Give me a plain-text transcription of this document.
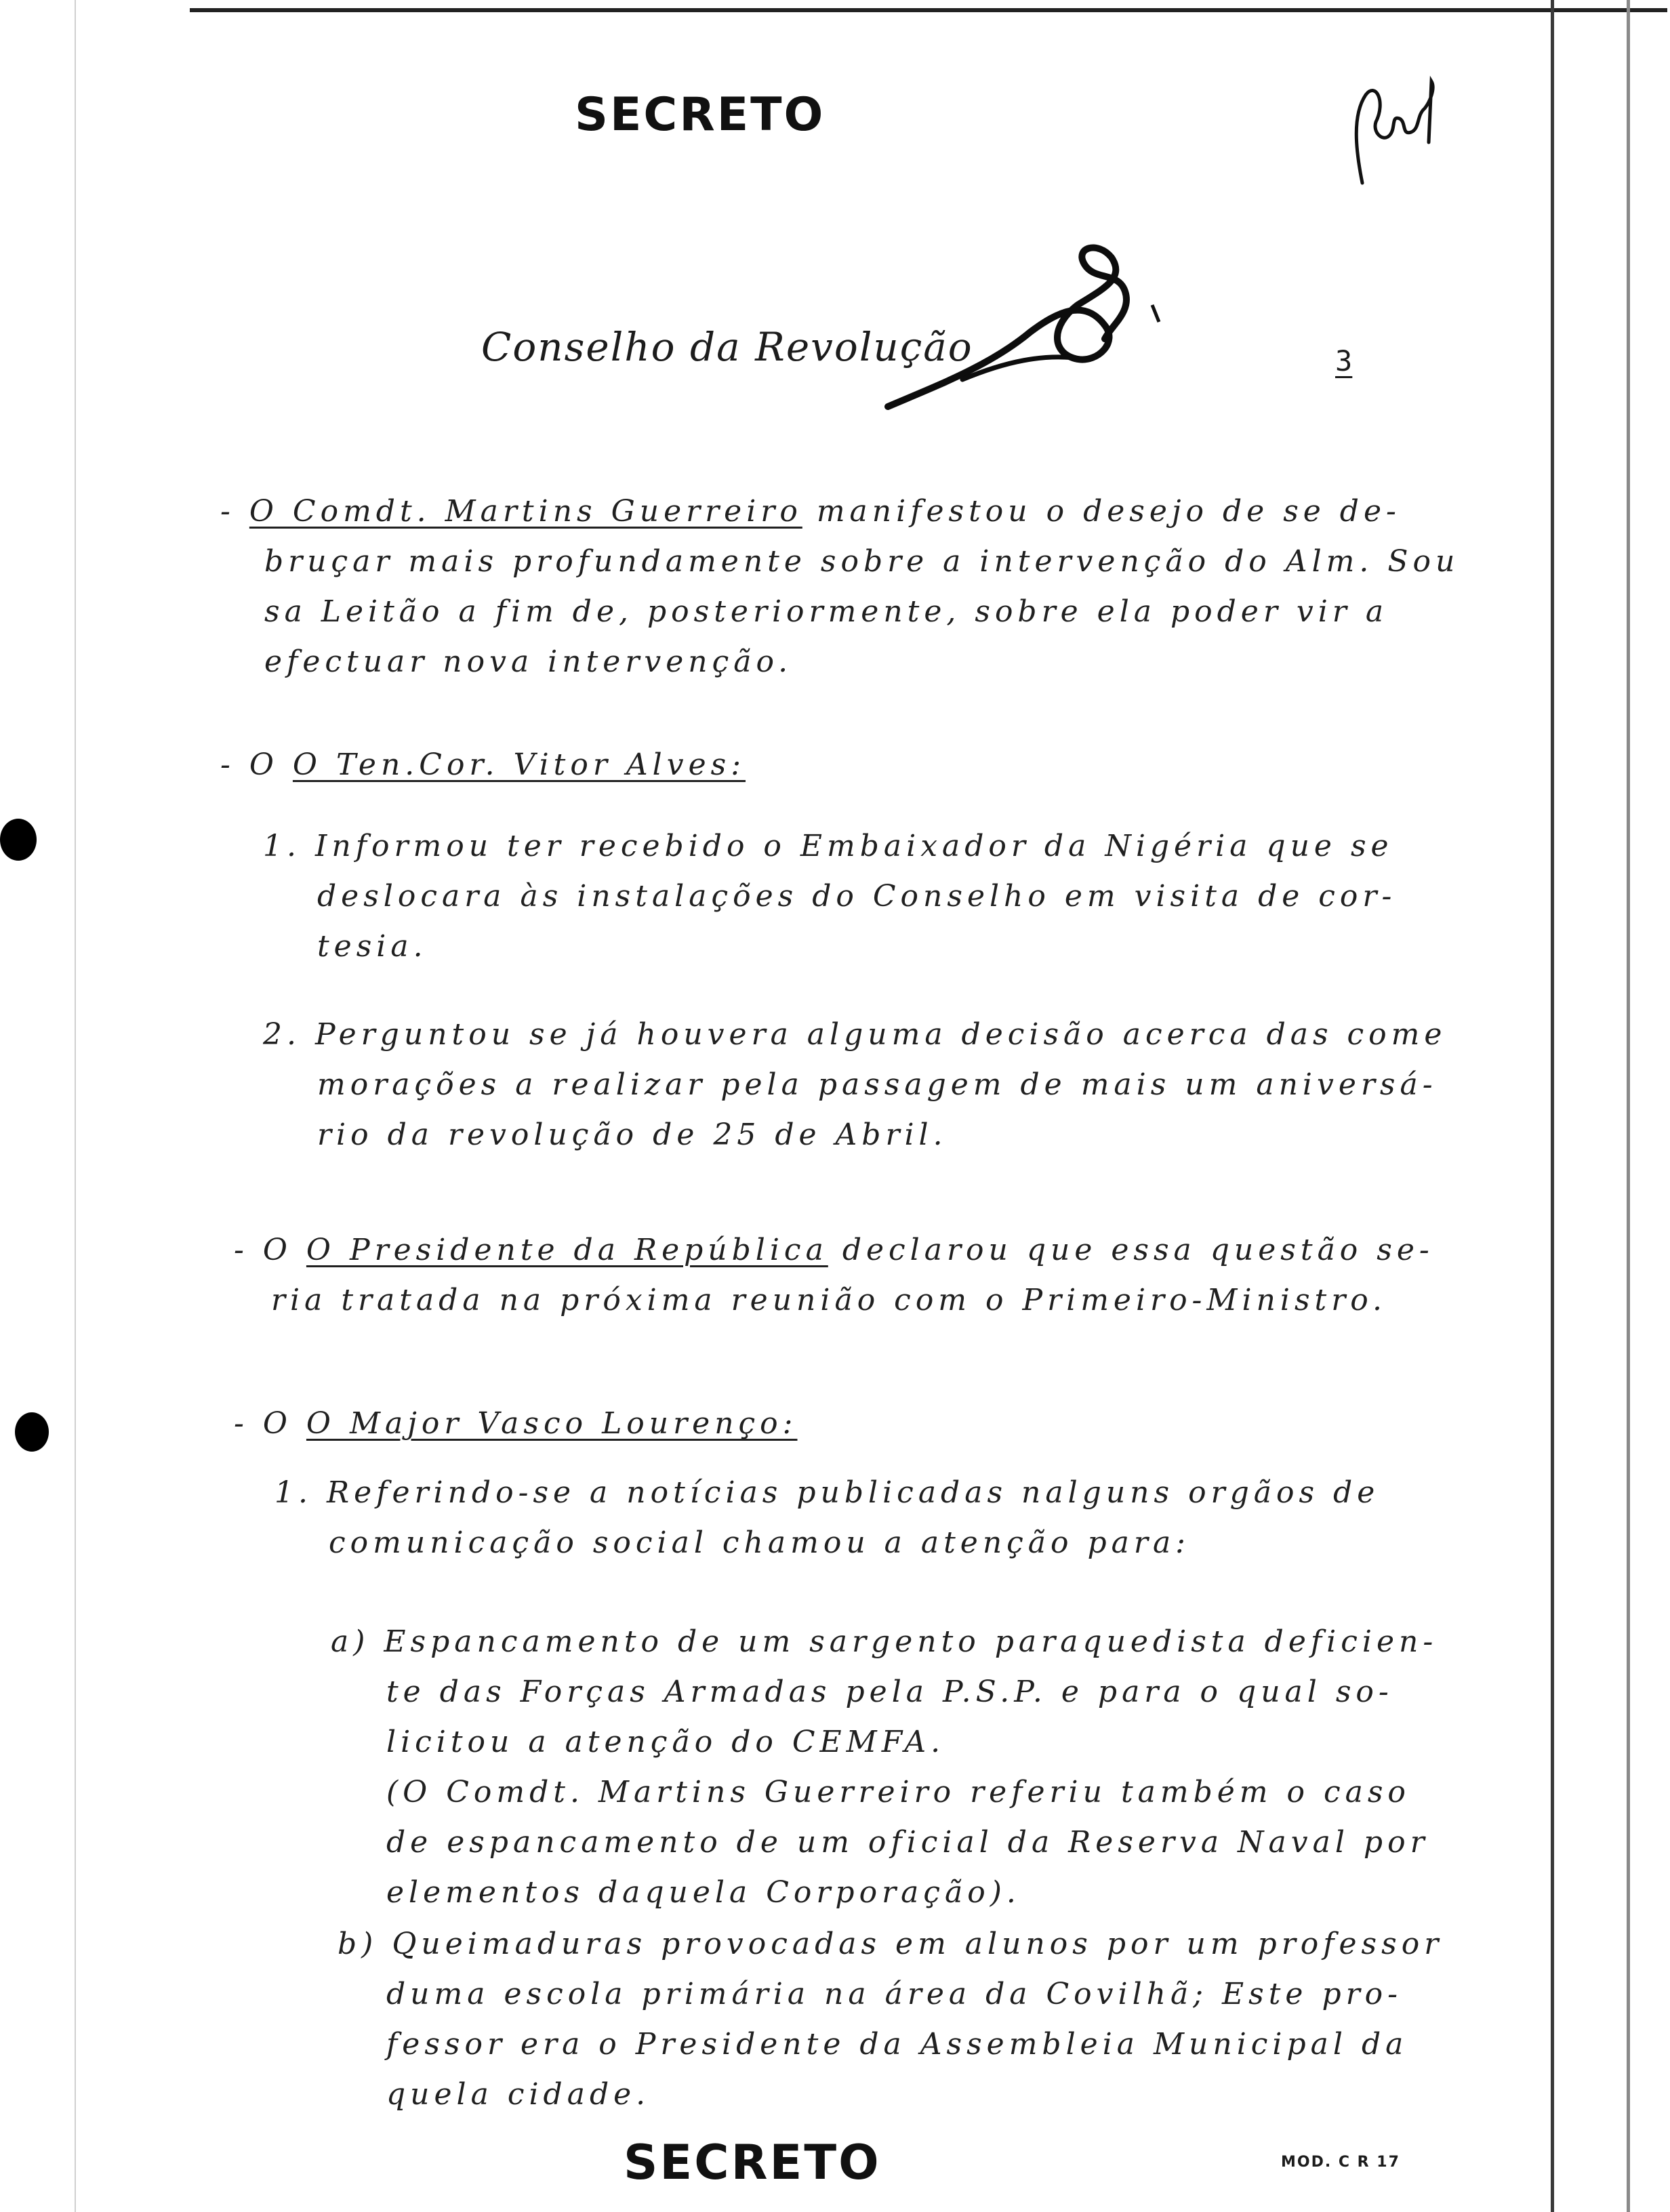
SECRETO
Conselho da Revolução	3
- O Comdt. Martins Guerreiro manifestou o desejo de se de-
bruçar mais profundamente sobre a intervenção do Alm. Sou
sa Leitão a fim de, posteriormente, sobre ela poder vir a
efectuar nova intervenção.
- O O Ten.Cor. Vitor Alves:
1. Informou ter recebido o Embaixador da Nigéria que se
deslocara às instalações do Conselho em visita de cor-
tesia.
2. Perguntou se já houvera alguma decisão acerca das come
morações a realizar pela passagem de mais um aniversá-
rio da revolução de 25 de Abril.
- O O Presidente da República declarou que essa questão se-
ria tratada na próxima reunião com o Primeiro-Ministro.
- O O Major Vasco Lourenço:
1. Referindo-se a notícias publicadas nalguns orgãos de
comunicação social chamou a atenção para:
a) Espancamento de um sargento paraquedista deficien-
te das Forças Armadas pela P.S.P. e para o qual so-
licitou a atenção do CEMFA.
(O Comdt. Martins Guerreiro referiu também o caso
de espancamento de um oficial da Reserva Naval por
elementos daquela Corporação).
b) Queimaduras provocadas em alunos por um professor
duma escola primária na área da Covilhã; Este pro-
fessor era o Presidente da Assembleia Municipal da
quela cidade.
SECRETO	MOD. C R 17
